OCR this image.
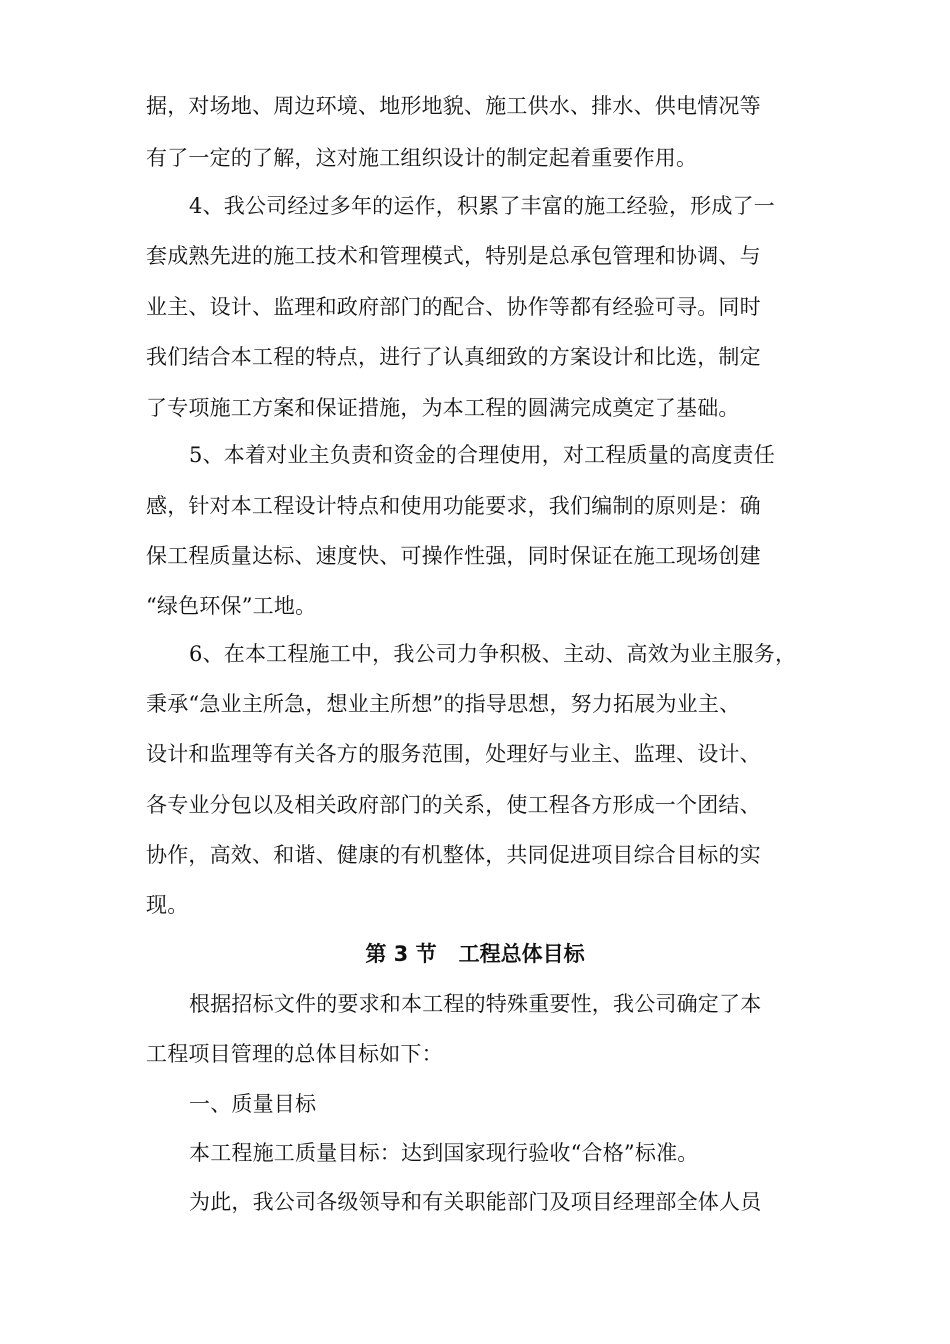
据，对场地、周边环境、地形地貌、施工供水、排水、供电情况等
有了一定的了解，这对施工组织设计的制定起着重要作用。
4、我公司经过多年的运作，积累了丰富的施工经验，形成了一
套成熟先进的施工技术和管理模式，特别是总承包管理和协调、与
业主、设计、监理和政府部门的配合、协作等都有经验可寻。同时
我们结合本工程的特点，进行了认真细致的方案设计和比选，制定
了专项施工方案和保证措施，为本工程的圆满完成奠定了基础。
5、本着对业主负责和资金的合理使用，对工程质量的高度责任
感，针对本工程设计特点和使用功能要求，我们编制的原则是：确
保工程质量达标、速度快、可操作性强，同时保证在施工现场创建
“绿色环保”工地。
6、在本工程施工中，我公司力争积极、主动、高效为业主服务，
秉承“急业主所急，想业主所想”的指导思想，努力拓展为业主、
设计和监理等有关各方的服务范围，处理好与业主、监理、设计、
各专业分包以及相关政府部门的关系，使工程各方形成一个团结、
协作，高效、和谐、健康的有机整体，共同促进项目综合目标的实
现。
第 3 节 工程总体目标
根据招标文件的要求和本工程的特殊重要性，我公司确定了本
工程项目管理的总体目标如下：
一、质量目标
本工程施工质量目标：达到国家现行验收“合格”标准。
为此，我公司各级领导和有关职能部门及项目经理部全体人员
